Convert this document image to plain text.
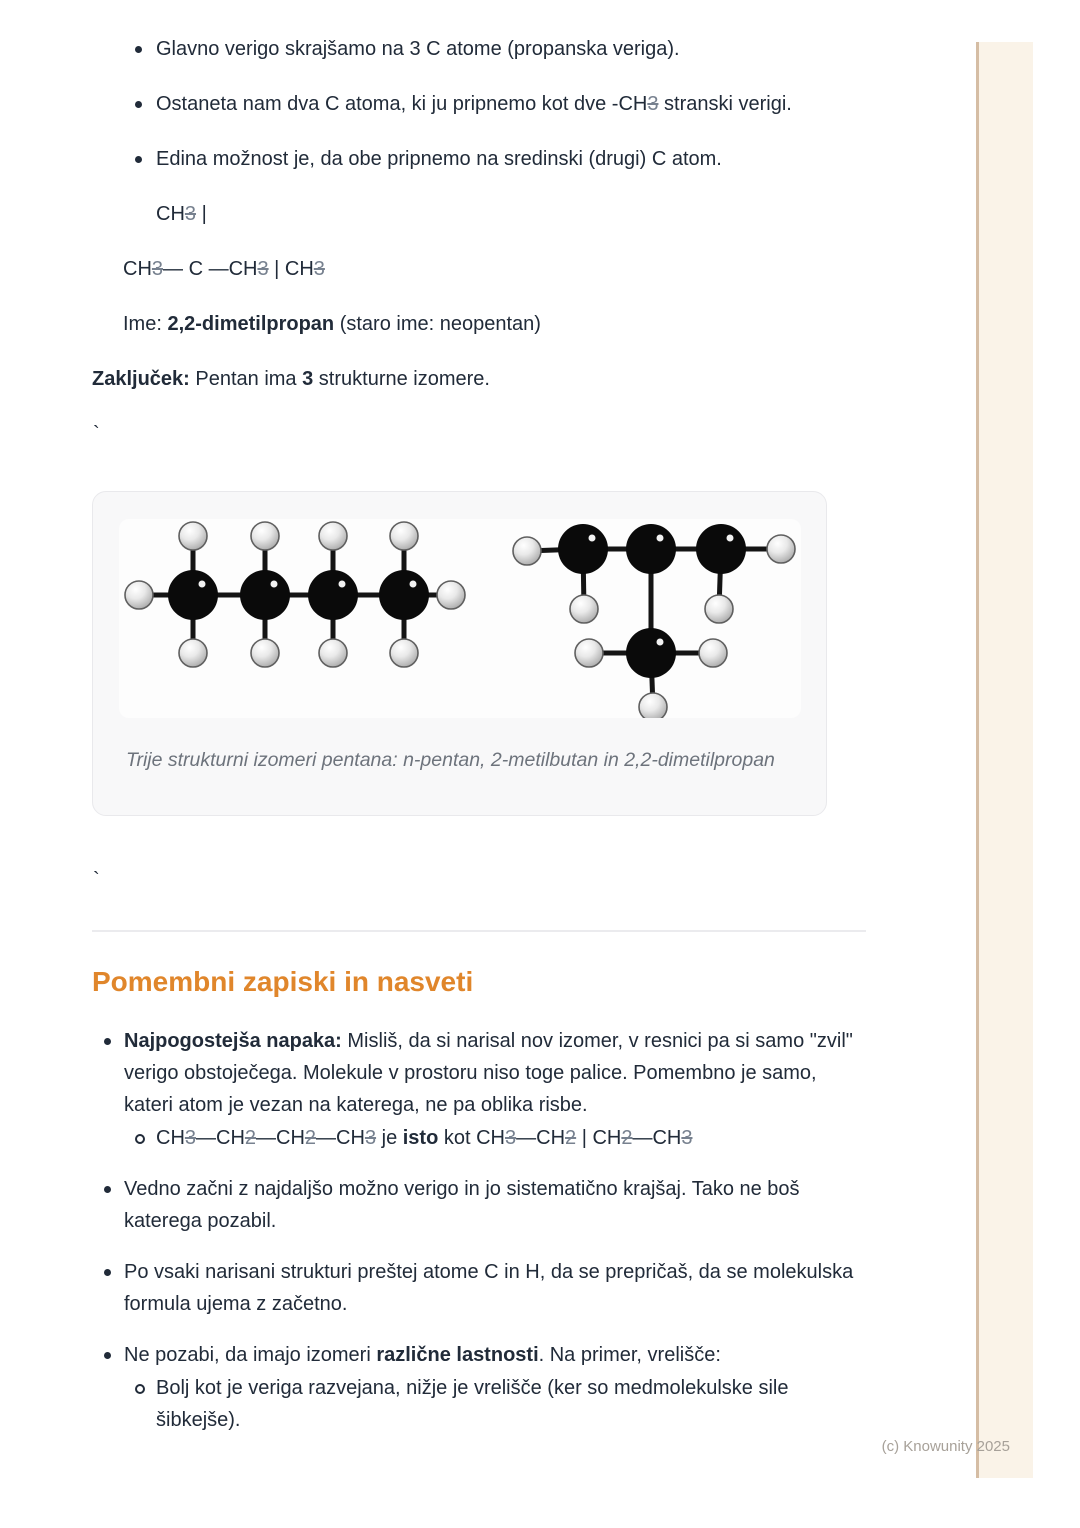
Glavno verigo skrajšamo na 3 C atome (propanska veriga).
Ostaneta nam dva C atoma, ki ju pripnemo kot dve -CH3 stranski verigi.
Edina možnost je, da obe pripnemo na sredinski (drugi) C atom.

CH3 |

CH3— C —CH3 | CH3

Ime: 2,2-dimetilpropan (staro ime: neopentan)

Zaključek: Pentan ima 3 strukturne izomere.

`
Trije strukturni izomeri pentana: n-pentan, 2-metilbutan in 2,2-dimetilpropan
`
Pomembni zapiski in nasveti
Najpogostejša napaka: Misliš, da si narisal nov izomer, v resnici pa si samo "zvil" verigo obstoječega. Molekule v prostoru niso toge palice. Pomembno je samo, kateri atom je vezan na katerega, ne pa oblika risbe.
CH3—CH2—CH2—CH3 je isto kot CH3—CH2 | CH2—CH3
Vedno začni z najdaljšo možno verigo in jo sistematično krajšaj. Tako ne boš katerega pozabil.
Po vsaki narisani strukturi preštej atome C in H, da se prepričaš, da se molekulska formula ujema z začetno.
Ne pozabi, da imajo izomeri različne lastnosti. Na primer, vrelišče:
Bolj kot je veriga razvejana, nižje je vrelišče (ker so medmolekulske sile šibkejše).
(c) Knowunity 2025
